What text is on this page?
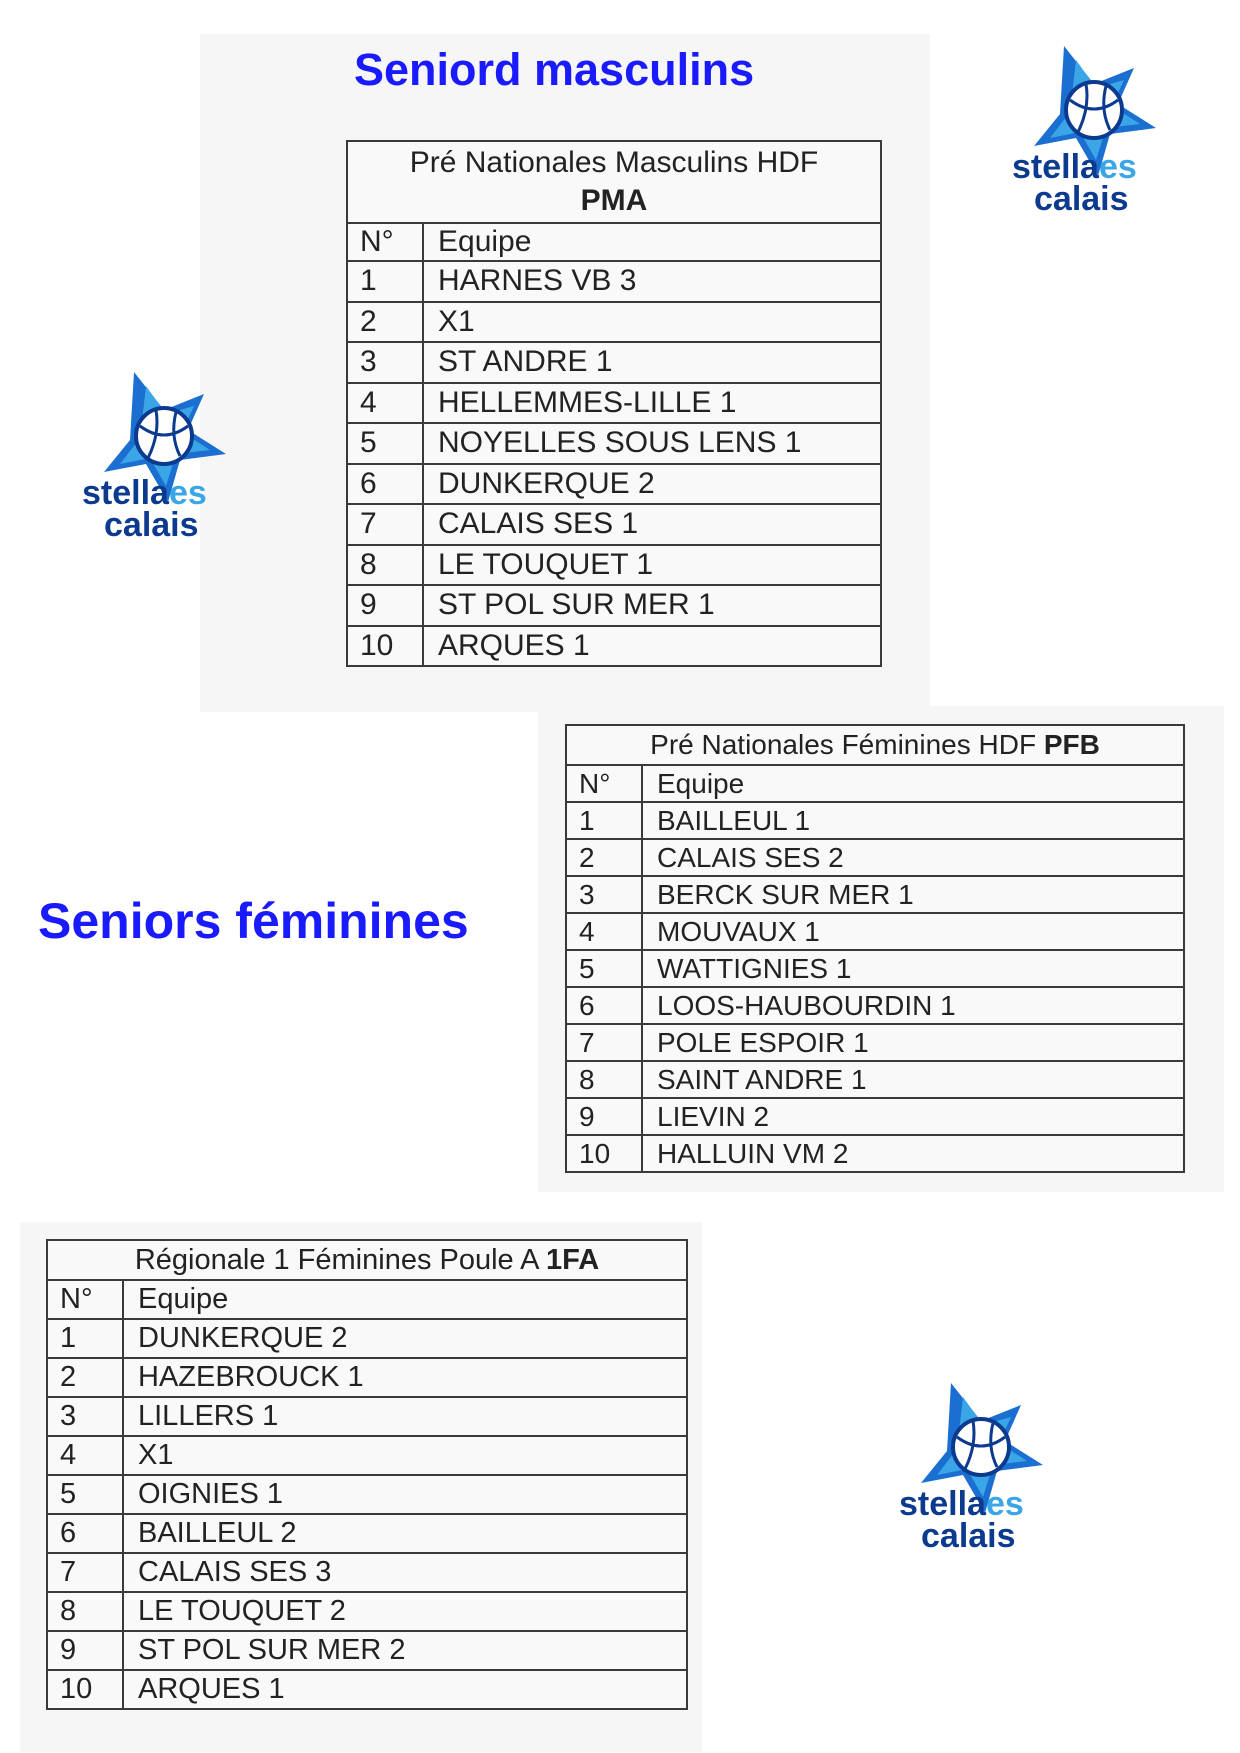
Seniord masculins
Seniors féminines
Pré Nationales Masculins HDF
PMA	
N°	Equipe
1	HARNES VB 3
2	X1
3	ST ANDRE 1
4	HELLEMMES-LILLE 1
5	NOYELLES SOUS LENS 1
6	DUNKERQUE 2
7	CALAIS SES 1
8	LE TOUQUET 1
9	ST POL SUR MER 1
10	ARQUES 1
Pré Nationales Féminines HDF PFB	
N°	Equipe
1	BAILLEUL 1
2	CALAIS SES 2
3	BERCK SUR MER 1
4	MOUVAUX 1
5	WATTIGNIES 1
6	LOOS-HAUBOURDIN 1
7	POLE ESPOIR 1
8	SAINT ANDRE 1
9	LIEVIN 2
10	HALLUIN VM 2
Régionale 1 Féminines Poule A 1FA	
N°	Equipe
1	DUNKERQUE 2
2	HAZEBROUCK 1
3	LILLERS 1
4	X1
5	OIGNIES 1
6	BAILLEUL 2
7	CALAIS SES 3
8	LE TOUQUET 2
9	ST POL SUR MER 2
10	ARQUES 1
stellaes
calais
stellaes
calais
stellaes
calais
